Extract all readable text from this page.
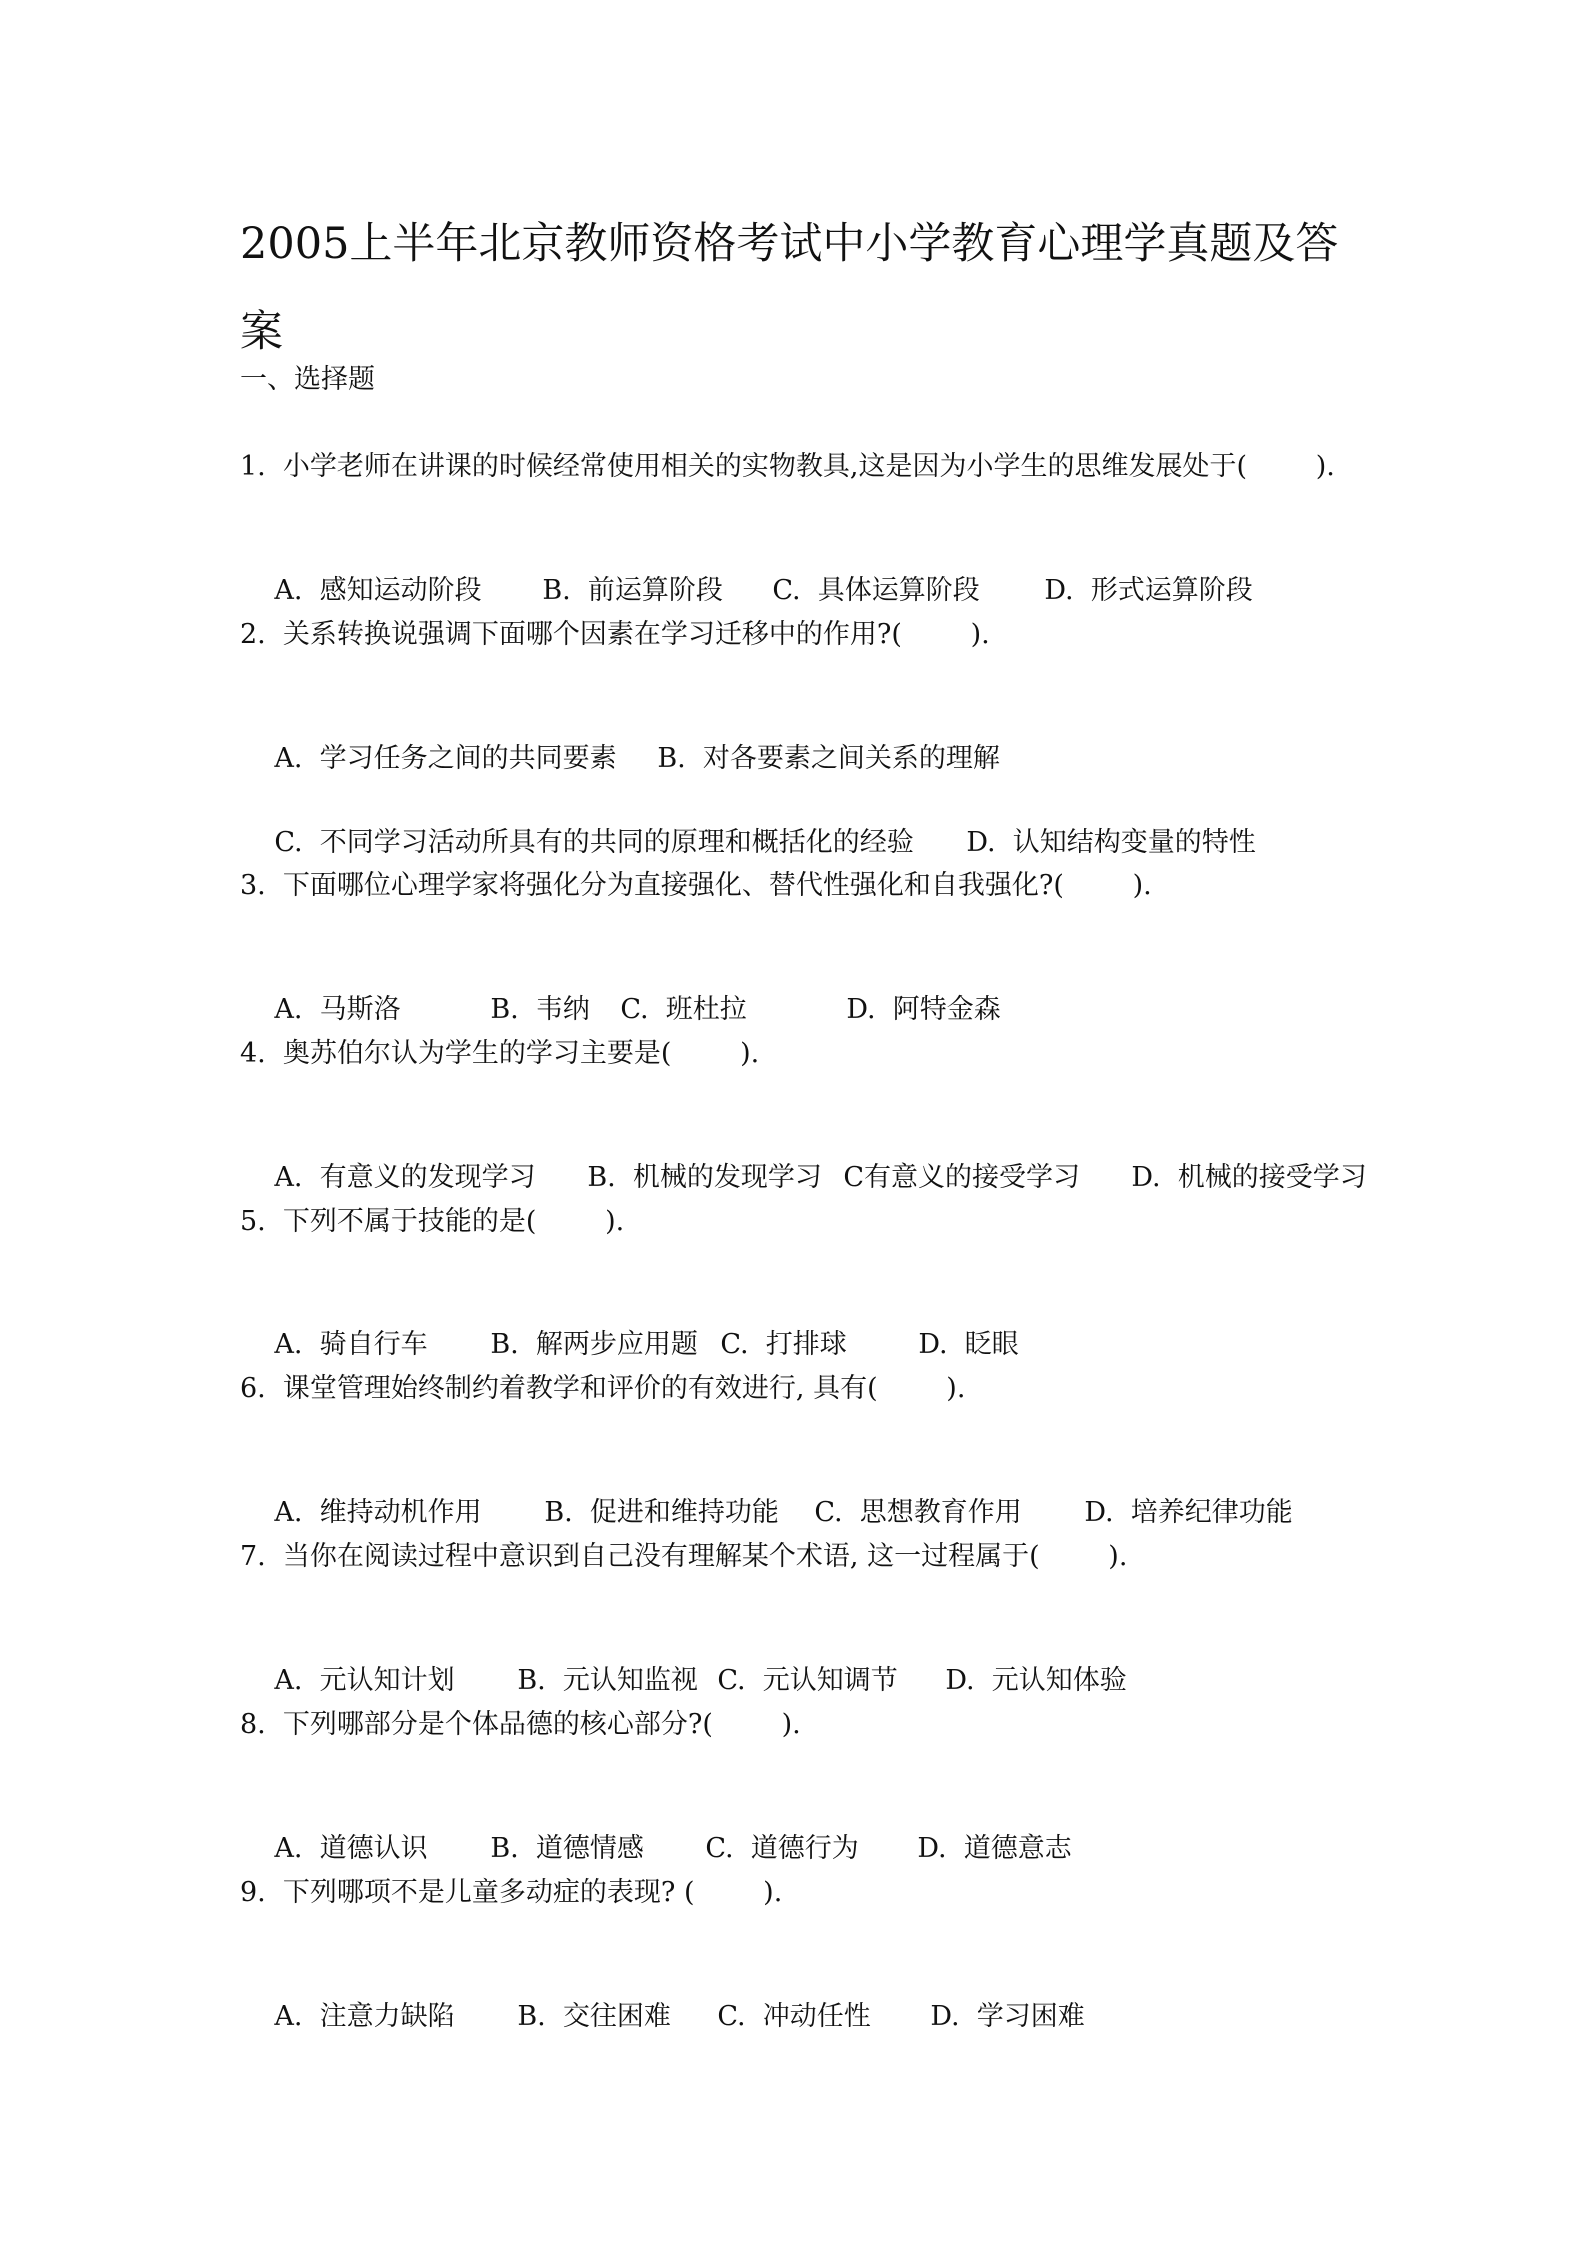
2005上半年北京教师资格考试中小学教育心理学真题及答案
一、选择题
1.  小学老师在讲课的时候经常使用相关的实物教具,这是因为小学生的思维发展处于(        ).

A.  感知运动阶段 B.  前运算阶段 C.  具体运算阶段 D.  形式运算阶段

2.  关系转换说强调下面哪个因素在学习迁移中的作用?(        ).

A.  学习任务之间的共同要素 B.  对各要素之间关系的理解

C.  不同学习活动所具有的共同的原理和概括化的经验 D.  认知结构变量的特性

3.  下面哪位心理学家将强化分为直接强化、替代性强化和自我强化?(        ).

A.  马斯洛	B.  韦纳 C.  班杜拉	D.  阿特金森

4.  奥苏伯尔认为学生的学习主要是(        ).

A.  有意义的发现学习 B.  机械的发现学习 C有意义的接受学习 D.  机械的接受学习

5.  下列不属于技能的是(        ).

A.  骑自行车 B.  解两步应用题 C.  打排球	D.  眨眼

6.  课堂管理始终制约着教学和评价的有效进行, 具有(        ).

A.  维持动机作用 B.  促进和维持功能 C.  思想教育作用 D.  培养纪律功能

7.  当你在阅读过程中意识到自己没有理解某个术语, 这一过程属于(        ).

A.  元认知计划 B.  元认知监视 C.  元认知调节 D.  元认知体验

8.  下列哪部分是个体品德的核心部分?(        ).

A.  道德认识 B.  道德情感 C.  道德行为 D.  道德意志

9.  下列哪项不是儿童多动症的表现? (        ).

A.  注意力缺陷 B.  交往困难 C.  冲动任性 D.  学习困难
